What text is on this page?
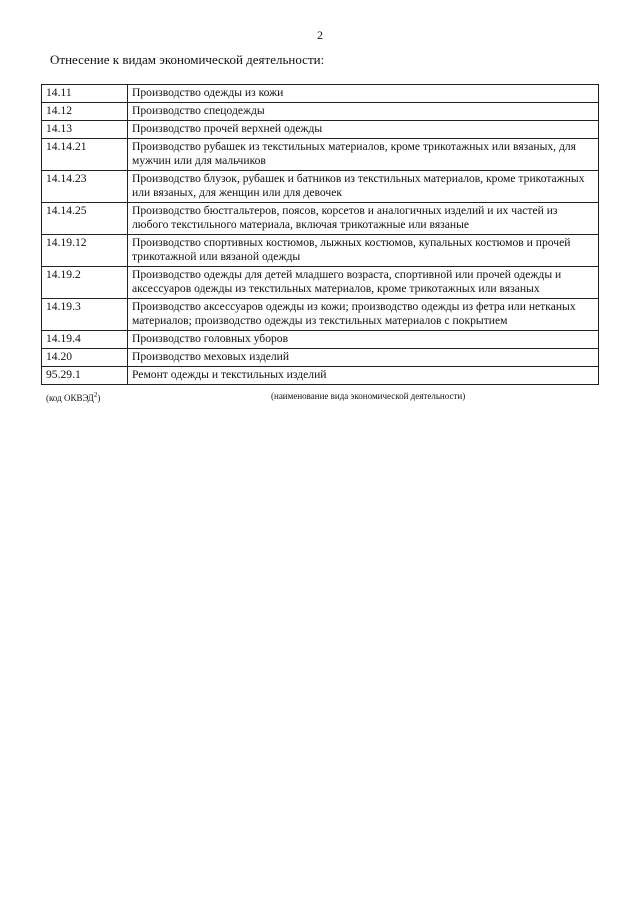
2
Отнесение к видам экономической деятельности:
14.11	Производство одежды из кожи
14.12	Производство спецодежды
14.13	Производство прочей верхней одежды
14.14.21	Производство рубашек из текстильных материалов, кроме трикотажных или вязаных, для мужчин или для мальчиков
14.14.23	Производство блузок, рубашек и батников из текстильных материалов, кроме трикотажных или вязаных, для женщин или для девочек
14.14.25	Производство бюстгальтеров, поясов, корсетов и аналогичных изделий и их частей из любого текстильного материала, включая трикотажные или вязаные
14.19.12	Производство спортивных костюмов, лыжных костюмов, купальных костюмов и прочей трикотажной или вязаной одежды
14.19.2	Производство одежды для детей младшего возраста, спортивной или прочей одежды и аксессуаров одежды из текстильных материалов, кроме трикотажных или вязаных
14.19.3	Производство аксессуаров одежды из кожи; производство одежды из фетра или нетканых материалов; производство одежды из текстильных материалов с покрытием
14.19.4	Производство головных уборов
14.20	Производство меховых изделий
95.29.1	Ремонт одежды и текстильных изделий
(код ОКВЭД$^2$)	(наименование вида экономической деятельности)
